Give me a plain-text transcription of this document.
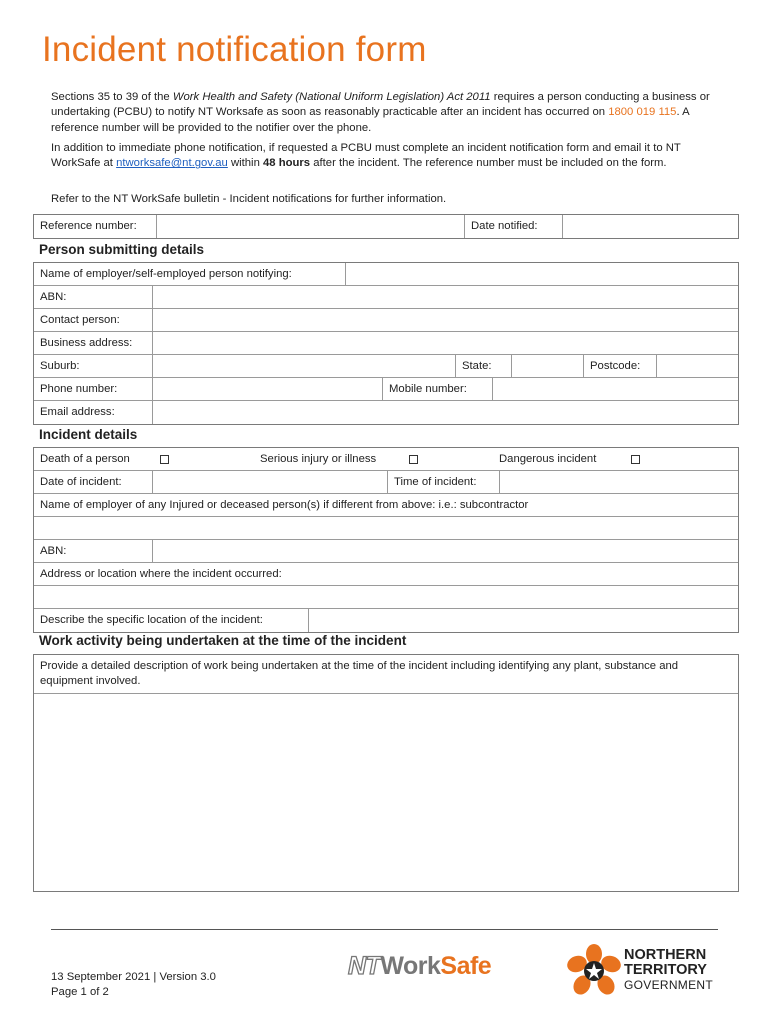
Incident notification form
Sections 35 to 39 of the Work Health and Safety (National Uniform Legislation) Act 2011 requires a person conducting a business or undertaking (PCBU) to notify NT Worksafe as soon as reasonably practicable after an incident has occurred on 1800 019 115. A reference number will be provided to the notifier over the phone.
In addition to immediate phone notification, if requested a PCBU must complete an incident notification form and email it to NT WorkSafe at ntworksafe@nt.gov.au within 48 hours after the incident. The reference number must be included on the form.
Refer to the NT WorkSafe bulletin - Incident notifications for further information.
Reference number:	Date notified:
Person submitting details
Name of employer/self-employed person notifying:
ABN:
Contact person:
Business address:
Suburb:	State:	Postcode:
Phone number:	Mobile number:
Email address:
Incident details
Death of a person	Serious injury or illness	Dangerous incident
Date of incident:	Time of incident:
Name of employer of any Injured or deceased person(s) if different from above: i.e.: subcontractor
ABN:
Address or location where the incident occurred:
Describe the specific location of the incident:
Work activity being undertaken at the time of the incident
Provide a detailed description of work being undertaken at the time of the incident including identifying any plant, substance and equipment involved.
13 September 2021 | Version 3.0
Page 1 of 2
NTWorkSafe	NORTHERN
TERRITORY
GOVERNMENT
